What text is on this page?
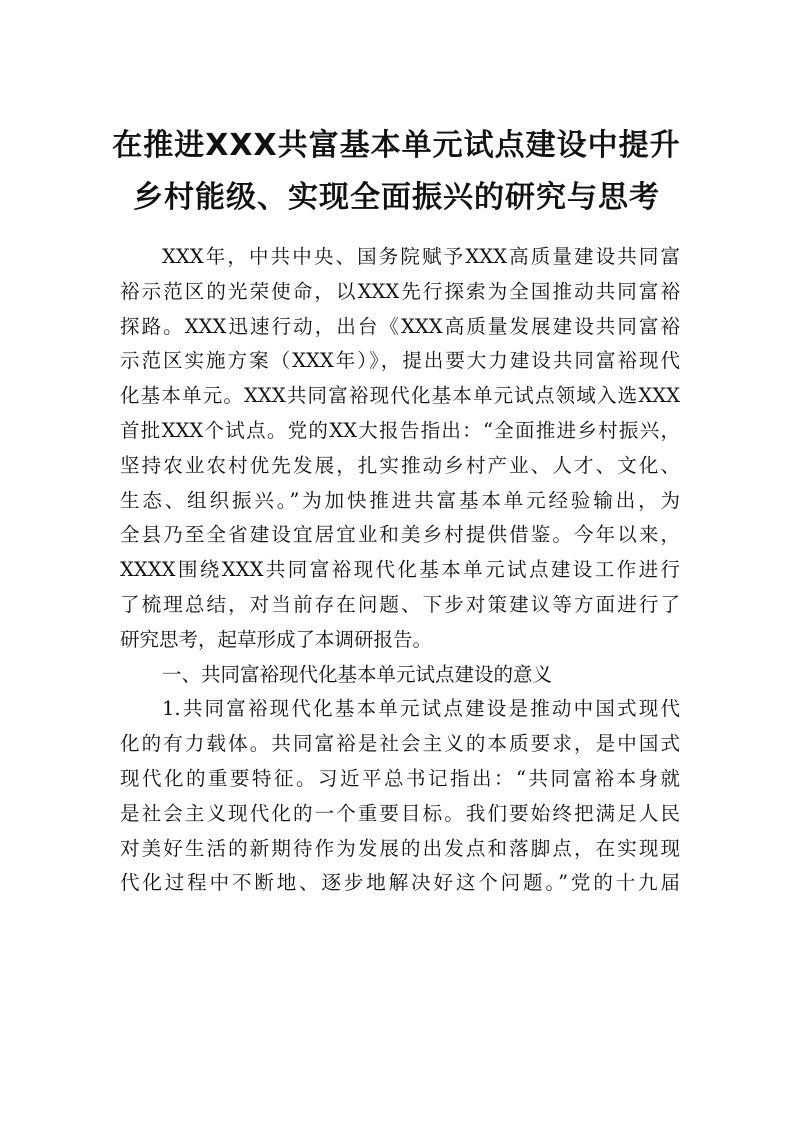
在推进XXX共富基本单元试点建设中提升
乡村能级、实现全面振兴的研究与思考
XXX年，中共中央、国务院赋予XXX高质量建设共同富
裕示范区的光荣使命，以XXX先行探索为全国推动共同富裕
探路。XXX迅速行动，出台《XXX高质量发展建设共同富裕
示范区实施方案（XXX年）》，提出要大力建设共同富裕现代
化基本单元。XXX共同富裕现代化基本单元试点领域入选XXX
首批XXX个试点。党的XX大报告指出：“全面推进乡村振兴，
坚持农业农村优先发展，扎实推动乡村产业、人才、文化、
生态、组织振兴。”为加快推进共富基本单元经验输出，为
全县乃至全省建设宜居宜业和美乡村提供借鉴。今年以来，
XXXX围绕XXX共同富裕现代化基本单元试点建设工作进行
了梳理总结，对当前存在问题、下步对策建议等方面进行了
研究思考，起草形成了本调研报告。
一、共同富裕现代化基本单元试点建设的意义
1.共同富裕现代化基本单元试点建设是推动中国式现代
化的有力载体。共同富裕是社会主义的本质要求，是中国式
现代化的重要特征。习近平总书记指出：“共同富裕本身就
是社会主义现代化的一个重要目标。我们要始终把满足人民
对美好生活的新期待作为发展的出发点和落脚点，在实现现
代化过程中不断地、逐步地解决好这个问题。”党的十九届
